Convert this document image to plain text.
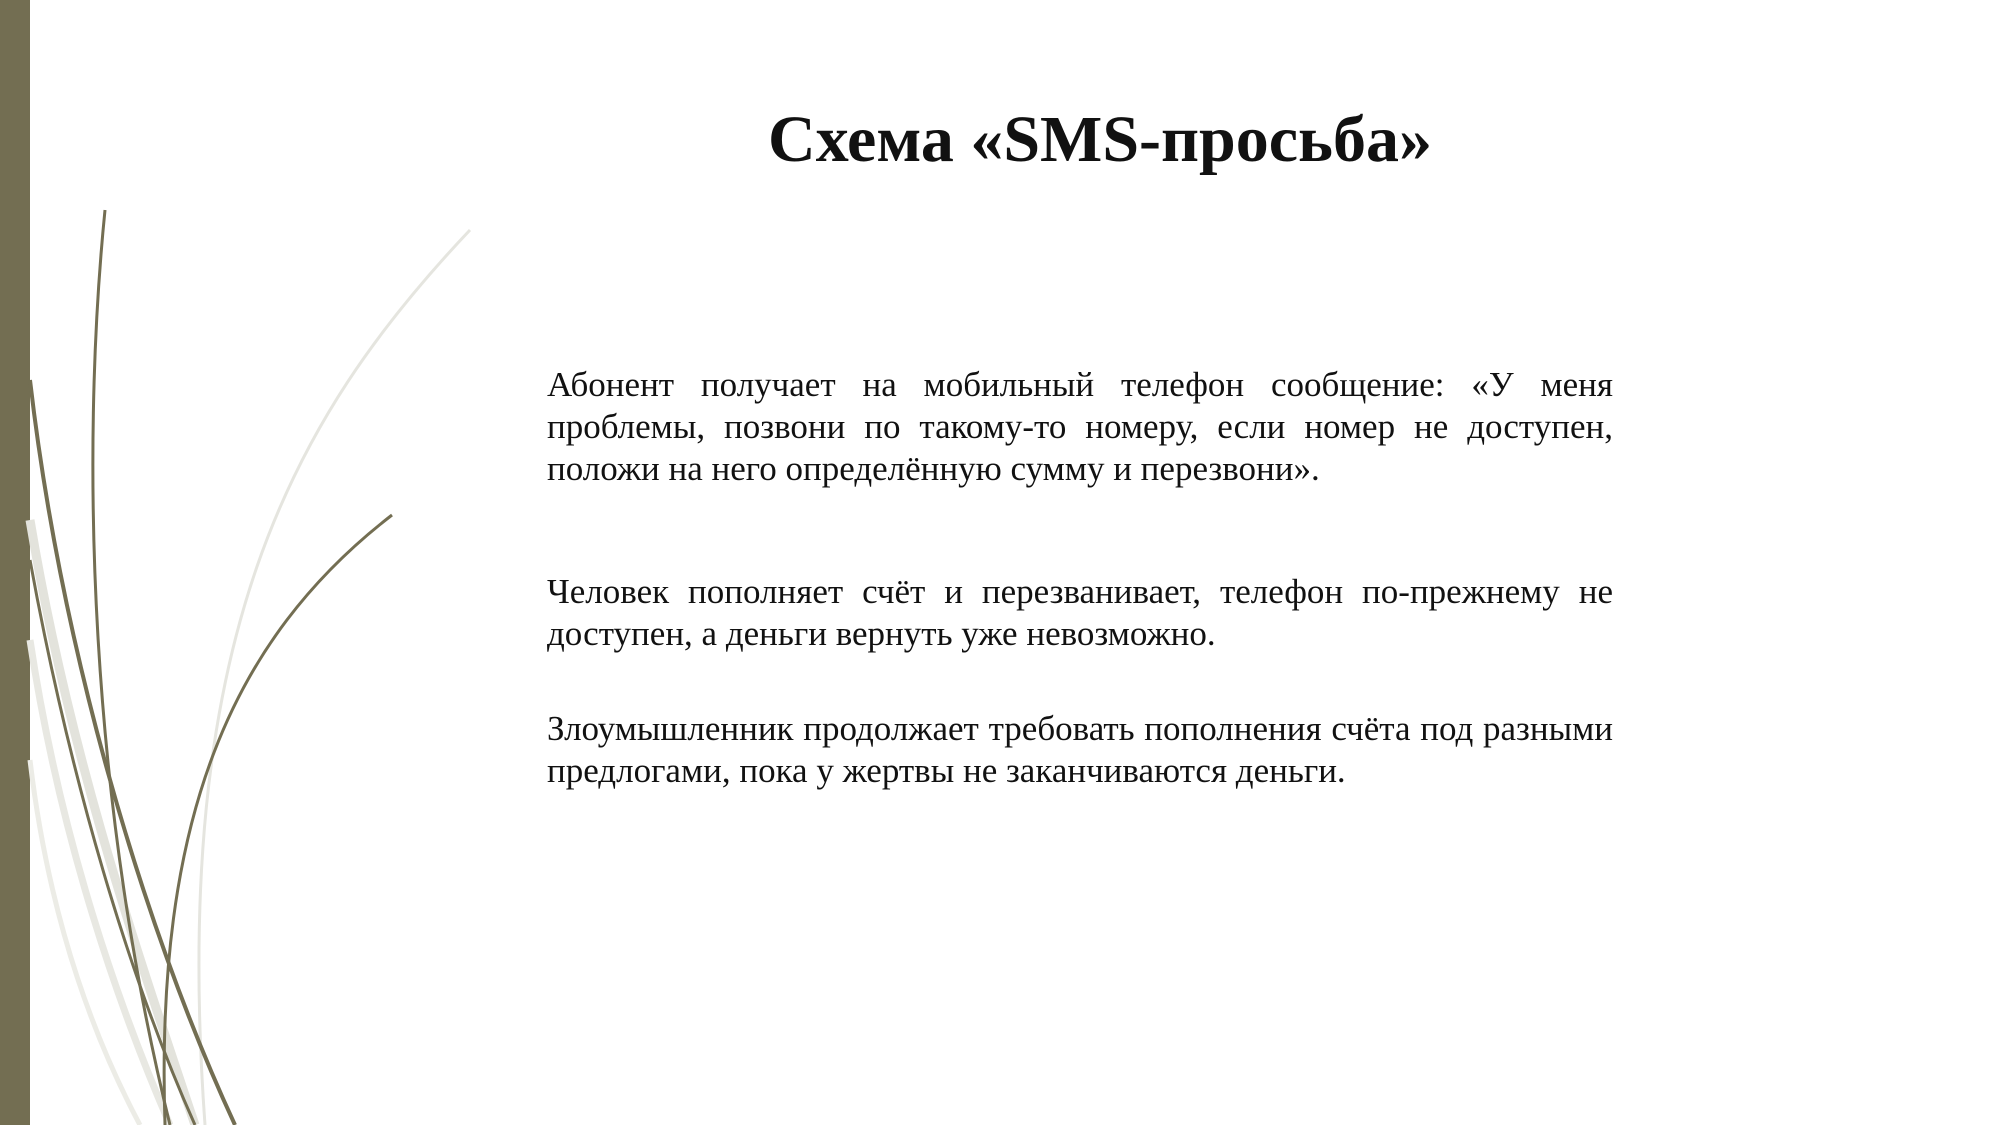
Схема «SMS-просьба»

Абонент получает на мобильный телефон сообщение: «У меня проблемы, позвони по такому-то номеру, если номер не доступен, положи на него определённую сумму и перезвони».

Человек пополняет счёт и перезванивает, телефон по-прежнему не доступен, а деньги вернуть уже невозможно.

Злоумышленник продолжает требовать пополнения счёта под разными предлогами, пока у жертвы не заканчиваются деньги.
